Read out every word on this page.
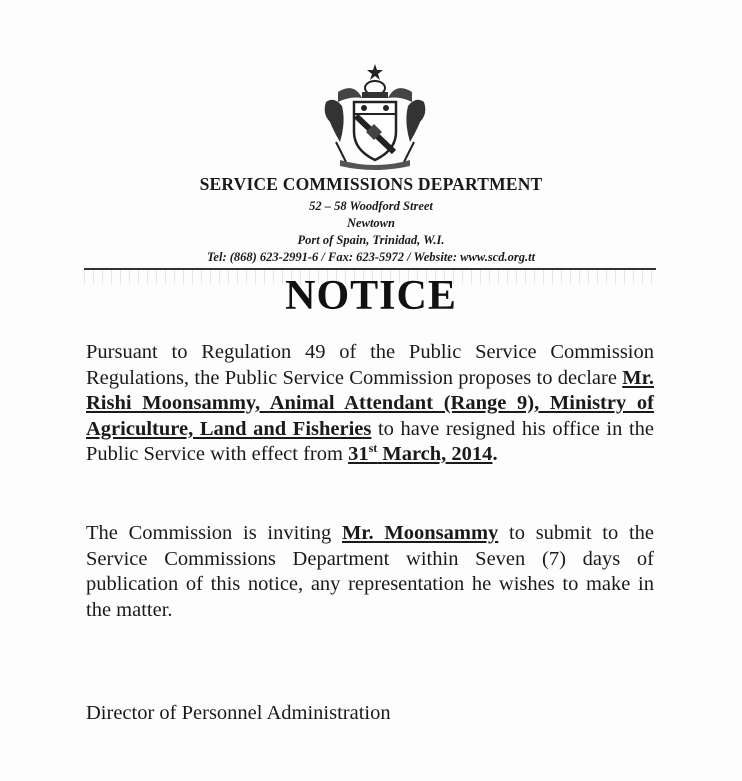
SERVICE COMMISSIONS DEPARTMENT
52 – 58 Woodford Street
Newtown
Port of Spain, Trinidad, W.I.
Tel: (868) 623-2991-6 / Fax: 623-5972 / Website: www.scd.org.tt
NOTICE
Pursuant to Regulation 49 of the Public Service Commission Regulations, the Public Service Commission proposes to declare Mr. Rishi Moonsammy, Animal Attendant (Range 9), Ministry of Agriculture, Land and Fisheries to have resigned his office in the Public Service with effect from 31st March, 2014.
The Commission is inviting Mr. Moonsammy to submit to the Service Commissions Department within Seven (7) days of publication of this notice, any representation he wishes to make in the matter.
Director of Personnel Administration
